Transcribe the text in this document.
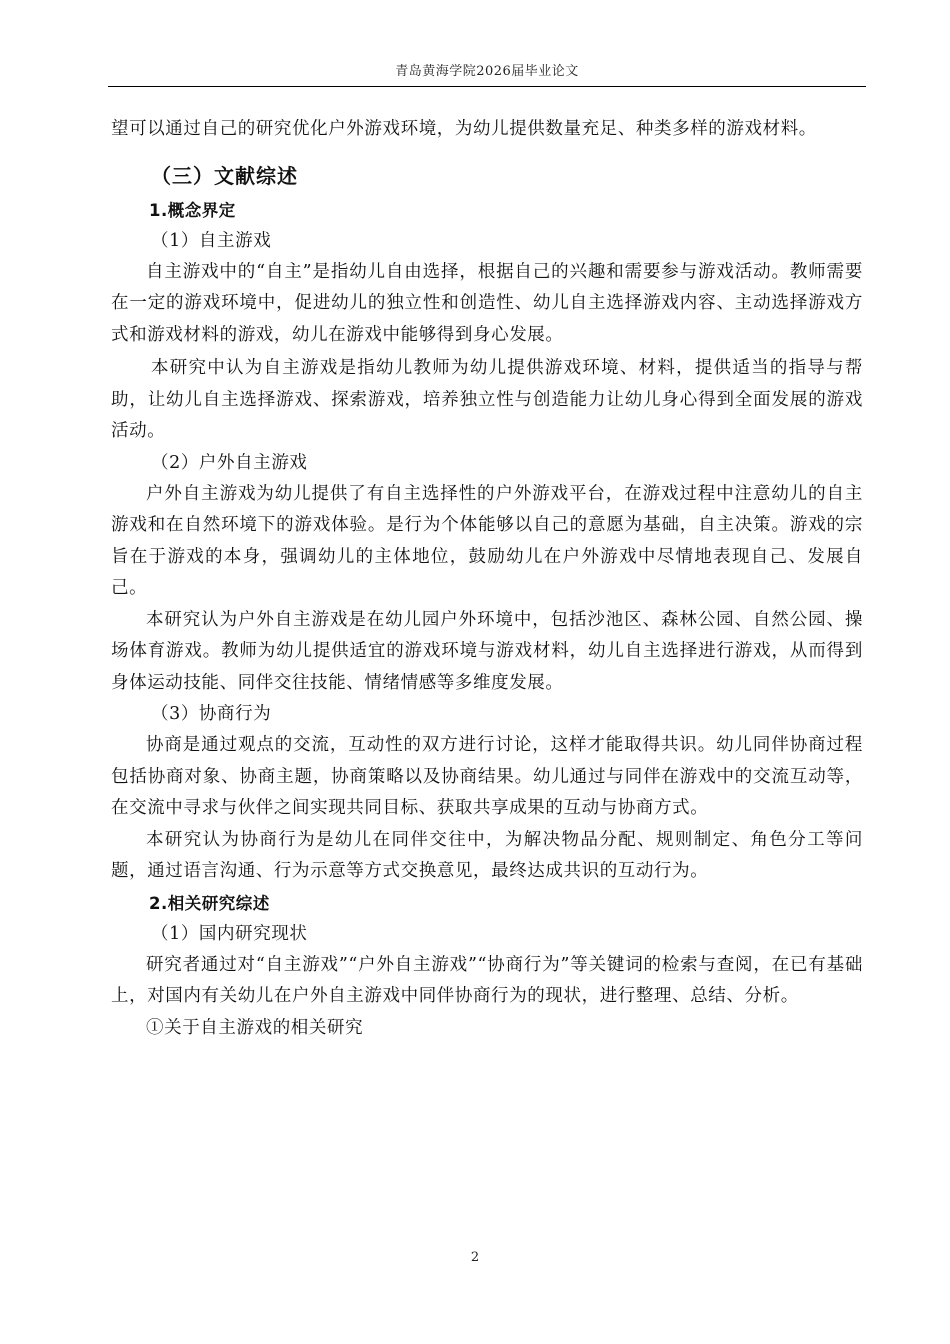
青岛黄海学院2026届毕业论文

望可以通过自己的研究优化户外游戏环境，为幼儿提供数量充足、种类多样的游戏材料。

（三）文献综述
1.概念界定

（1）自主游戏

自主游戏中的“自主”是指幼儿自由选择，根据自己的兴趣和需要参与游戏活动。教师需要在一定的游戏环境中，促进幼儿的独立性和创造性、幼儿自主选择游戏内容、主动选择游戏方式和游戏材料的游戏，幼儿在游戏中能够得到身心发展。

本研究中认为自主游戏是指幼儿教师为幼儿提供游戏环境、材料，提供适当的指导与帮助，让幼儿自主选择游戏、探索游戏，培养独立性与创造能力让幼儿身心得到全面发展的游戏活动。

（2）户外自主游戏

户外自主游戏为幼儿提供了有自主选择性的户外游戏平台，在游戏过程中注意幼儿的自主游戏和在自然环境下的游戏体验。是行为个体能够以自己的意愿为基础，自主决策。游戏的宗旨在于游戏的本身，强调幼儿的主体地位，鼓励幼儿在户外游戏中尽情地表现自己、发展自己。

本研究认为户外自主游戏是在幼儿园户外环境中，包括沙池区、森林公园、自然公园、操场体育游戏。教师为幼儿提供适宜的游戏环境与游戏材料，幼儿自主选择进行游戏，从而得到身体运动技能、同伴交往技能、情绪情感等多维度发展。

（3）协商行为

协商是通过观点的交流，互动性的双方进行讨论，这样才能取得共识。幼儿同伴协商过程包括协商对象、协商主题，协商策略以及协商结果。幼儿通过与同伴在游戏中的交流互动等，在交流中寻求与伙伴之间实现共同目标、获取共享成果的互动与协商方式。

本研究认为协商行为是幼儿在同伴交往中，为解决物品分配、规则制定、角色分工等问题，通过语言沟通、行为示意等方式交换意见，最终达成共识的互动行为。

2.相关研究综述

（1）国内研究现状

研究者通过对“自主游戏”“户外自主游戏”“协商行为”等关键词的检索与查阅，在已有基础上，对国内有关幼儿在户外自主游戏中同伴协商行为的现状，进行整理、总结、分析。

①关于自主游戏的相关研究

2
